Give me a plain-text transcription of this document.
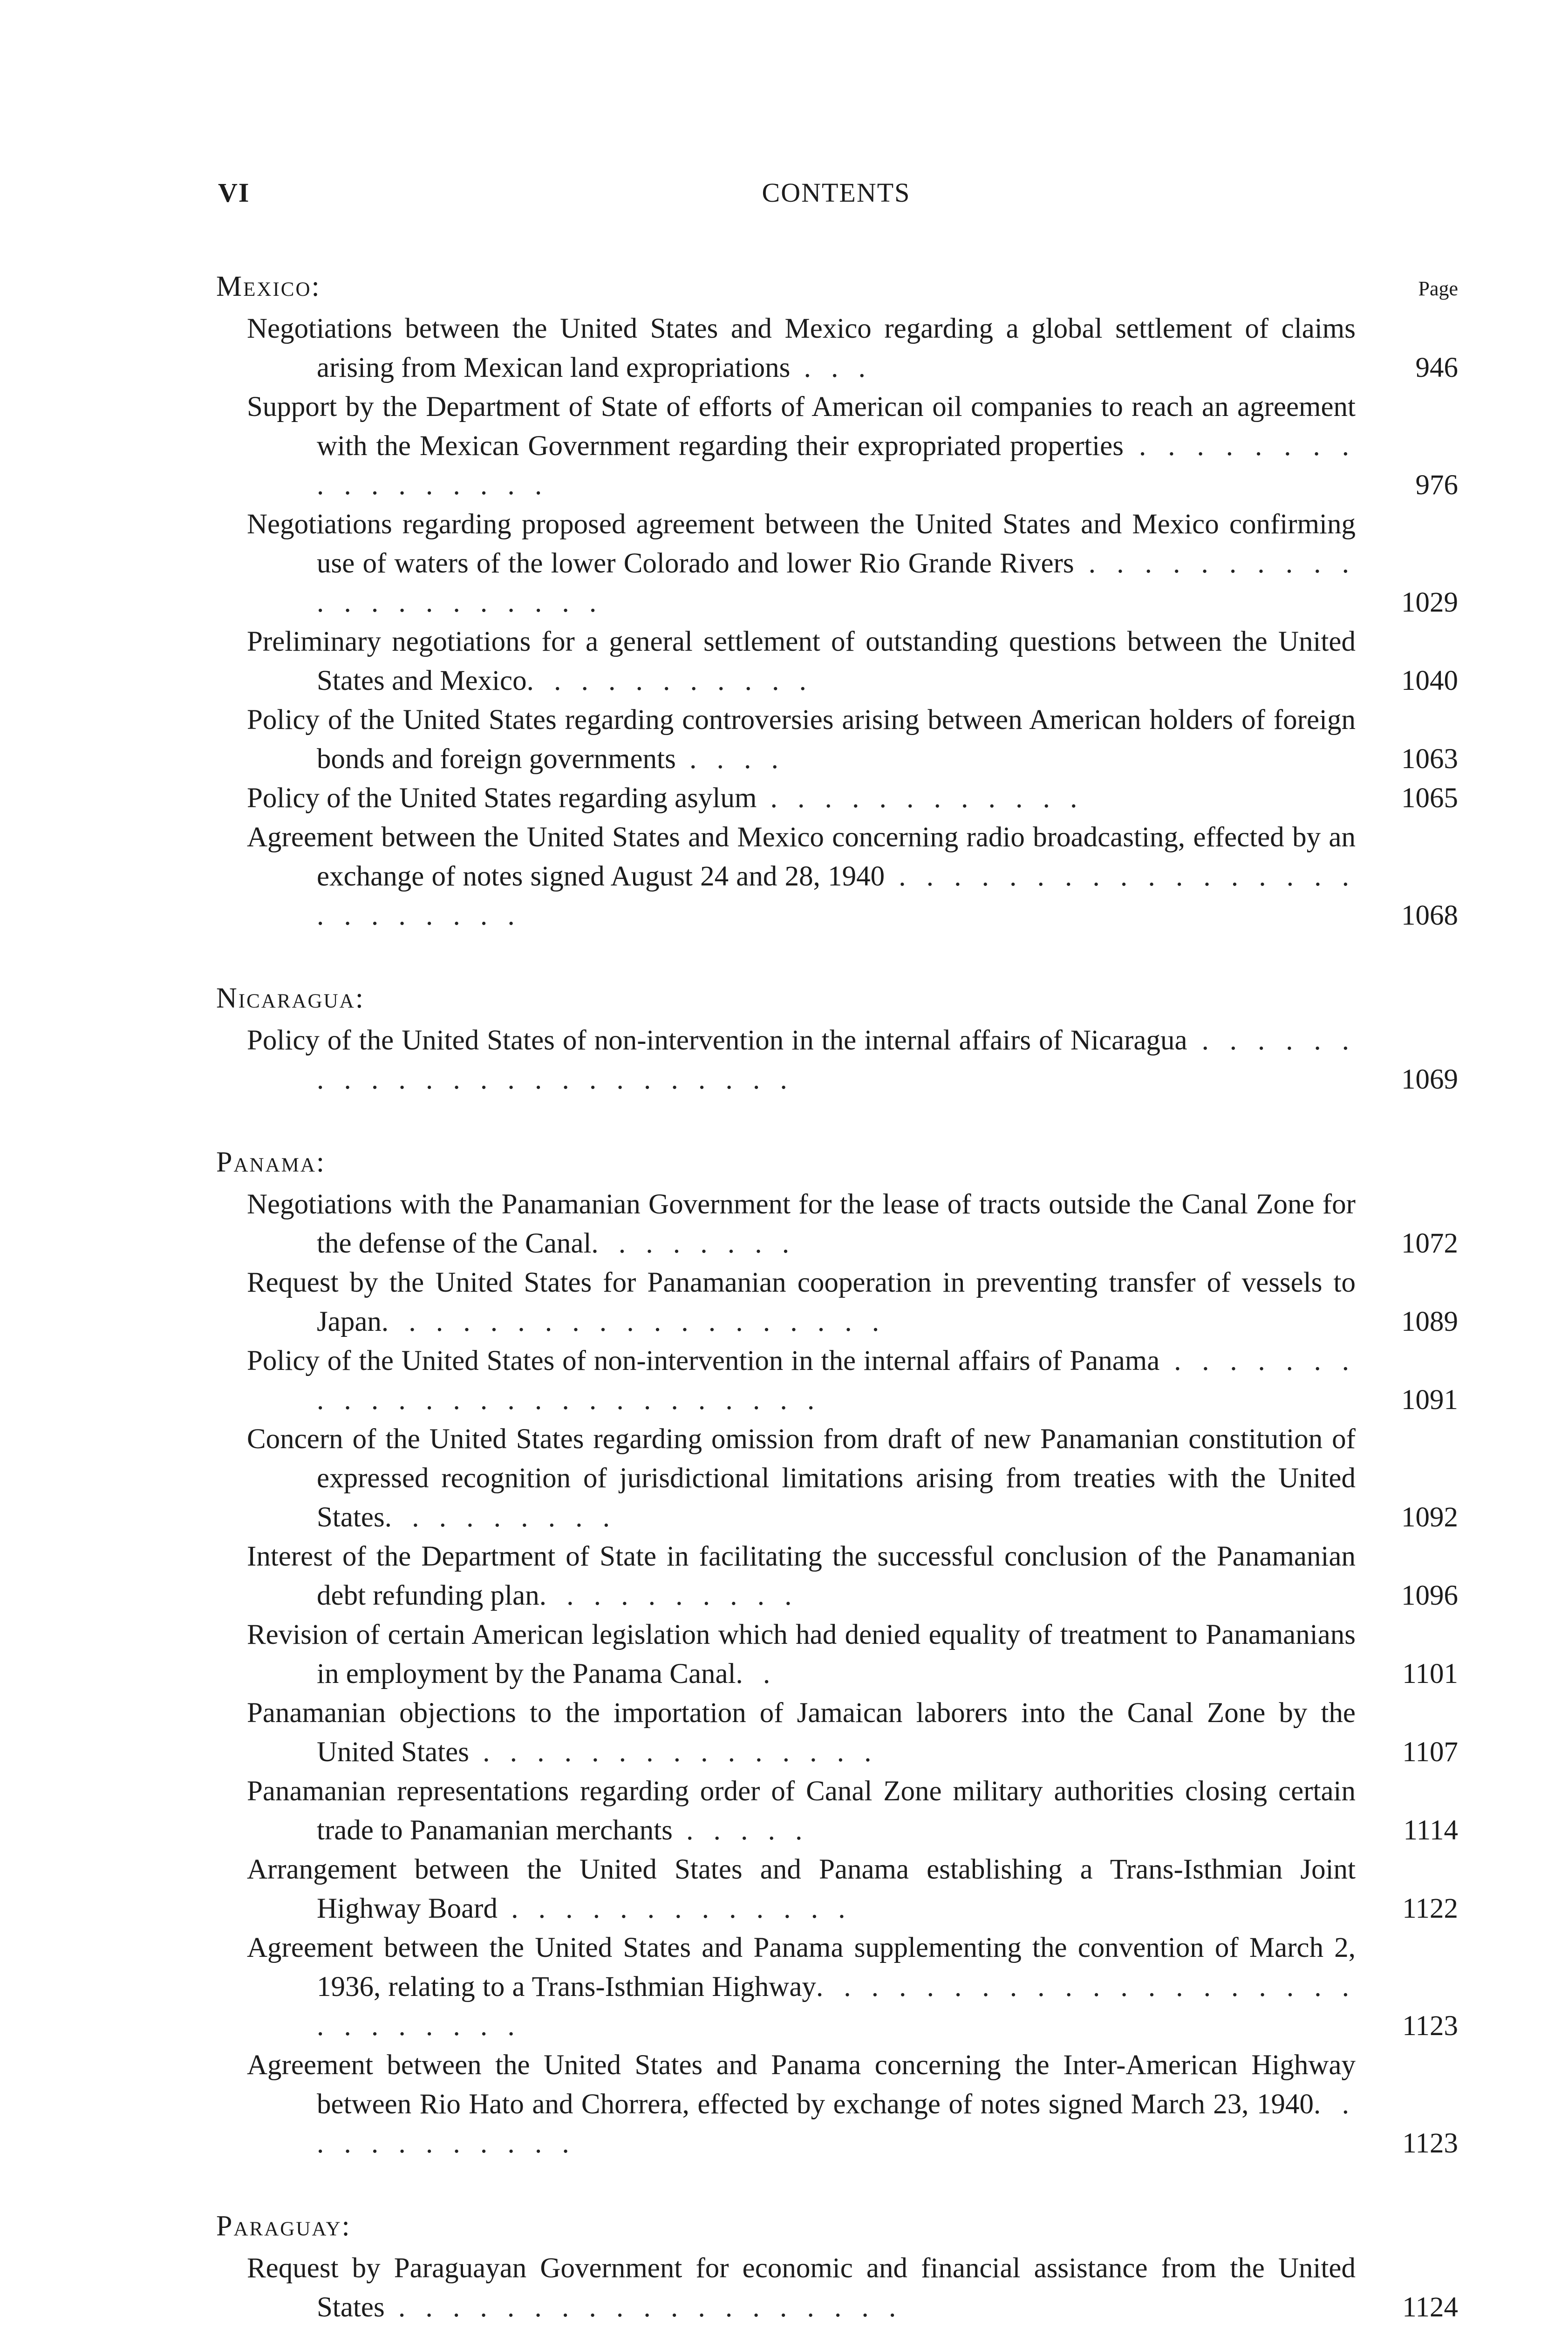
VI	CONTENTS
Mexico:	Page
Negotiations between the United States and Mexico regarding a global settlement of claims arising from Mexican land expropriations . . .	946
Support by the Department of State of efforts of American oil companies to reach an agreement with the Mexican Government regarding their expropriated properties . . . . . . . . . . . . . . . . .	976
Negotiations regarding proposed agreement between the United States and Mexico confirming use of waters of the lower Colorado and lower Rio Grande Rivers . . . . . . . . . . . . . . . . . . . . .	1029
Preliminary negotiations for a general settlement of outstanding questions between the United States and Mexico. . . . . . . . . . .	1040
Policy of the United States regarding controversies arising between American holders of foreign bonds and foreign governments . . . .	1063
Policy of the United States regarding asylum . . . . . . . . . . . .	1065
Agreement between the United States and Mexico concerning radio broadcasting, effected by an exchange of notes signed August 24 and 28, 1940 . . . . . . . . . . . . . . . . . . . . . . . . .	1068
Nicaragua:
Policy of the United States of non-intervention in the internal affairs of Nicaragua . . . . . . . . . . . . . . . . . . . . . . . .	1069
Panama:
Negotiations with the Panamanian Government for the lease of tracts outside the Canal Zone for the defense of the Canal. . . . . . . .	1072
Request by the United States for Panamanian cooperation in preventing transfer of vessels to Japan. . . . . . . . . . . . . . . . . . .	1089
Policy of the United States of non-intervention in the internal affairs of Panama . . . . . . . . . . . . . . . . . . . . . . . . . .	1091
Concern of the United States regarding omission from draft of new Panamanian constitution of expressed recognition of jurisdictional limitations arising from treaties with the United States. . . . . . . . .	1092
Interest of the Department of State in facilitating the successful conclusion of the Panamanian debt refunding plan. . . . . . . . . .	1096
Revision of certain American legislation which had denied equality of treatment to Panamanians in employment by the Panama Canal. .	1101
Panamanian objections to the importation of Jamaican laborers into the Canal Zone by the United States . . . . . . . . . . . . . . .	1107
Panamanian representations regarding order of Canal Zone military authorities closing certain trade to Panamanian merchants . . . . .	1114
Arrangement between the United States and Panama establishing a Trans-Isthmian Joint Highway Board . . . . . . . . . . . . .	1122
Agreement between the United States and Panama supplementing the convention of March 2, 1936, relating to a Trans-Isthmian Highway. . . . . . . . . . . . . . . . . . . . . . . . . . . .	1123
Agreement between the United States and Panama concerning the Inter-American Highway between Rio Hato and Chorrera, effected by exchange of notes signed March 23, 1940. . . . . . . . . . . .	1123
Paraguay:
Request by Paraguayan Government for economic and financial assistance from the United States . . . . . . . . . . . . . . . . . . .	1124
